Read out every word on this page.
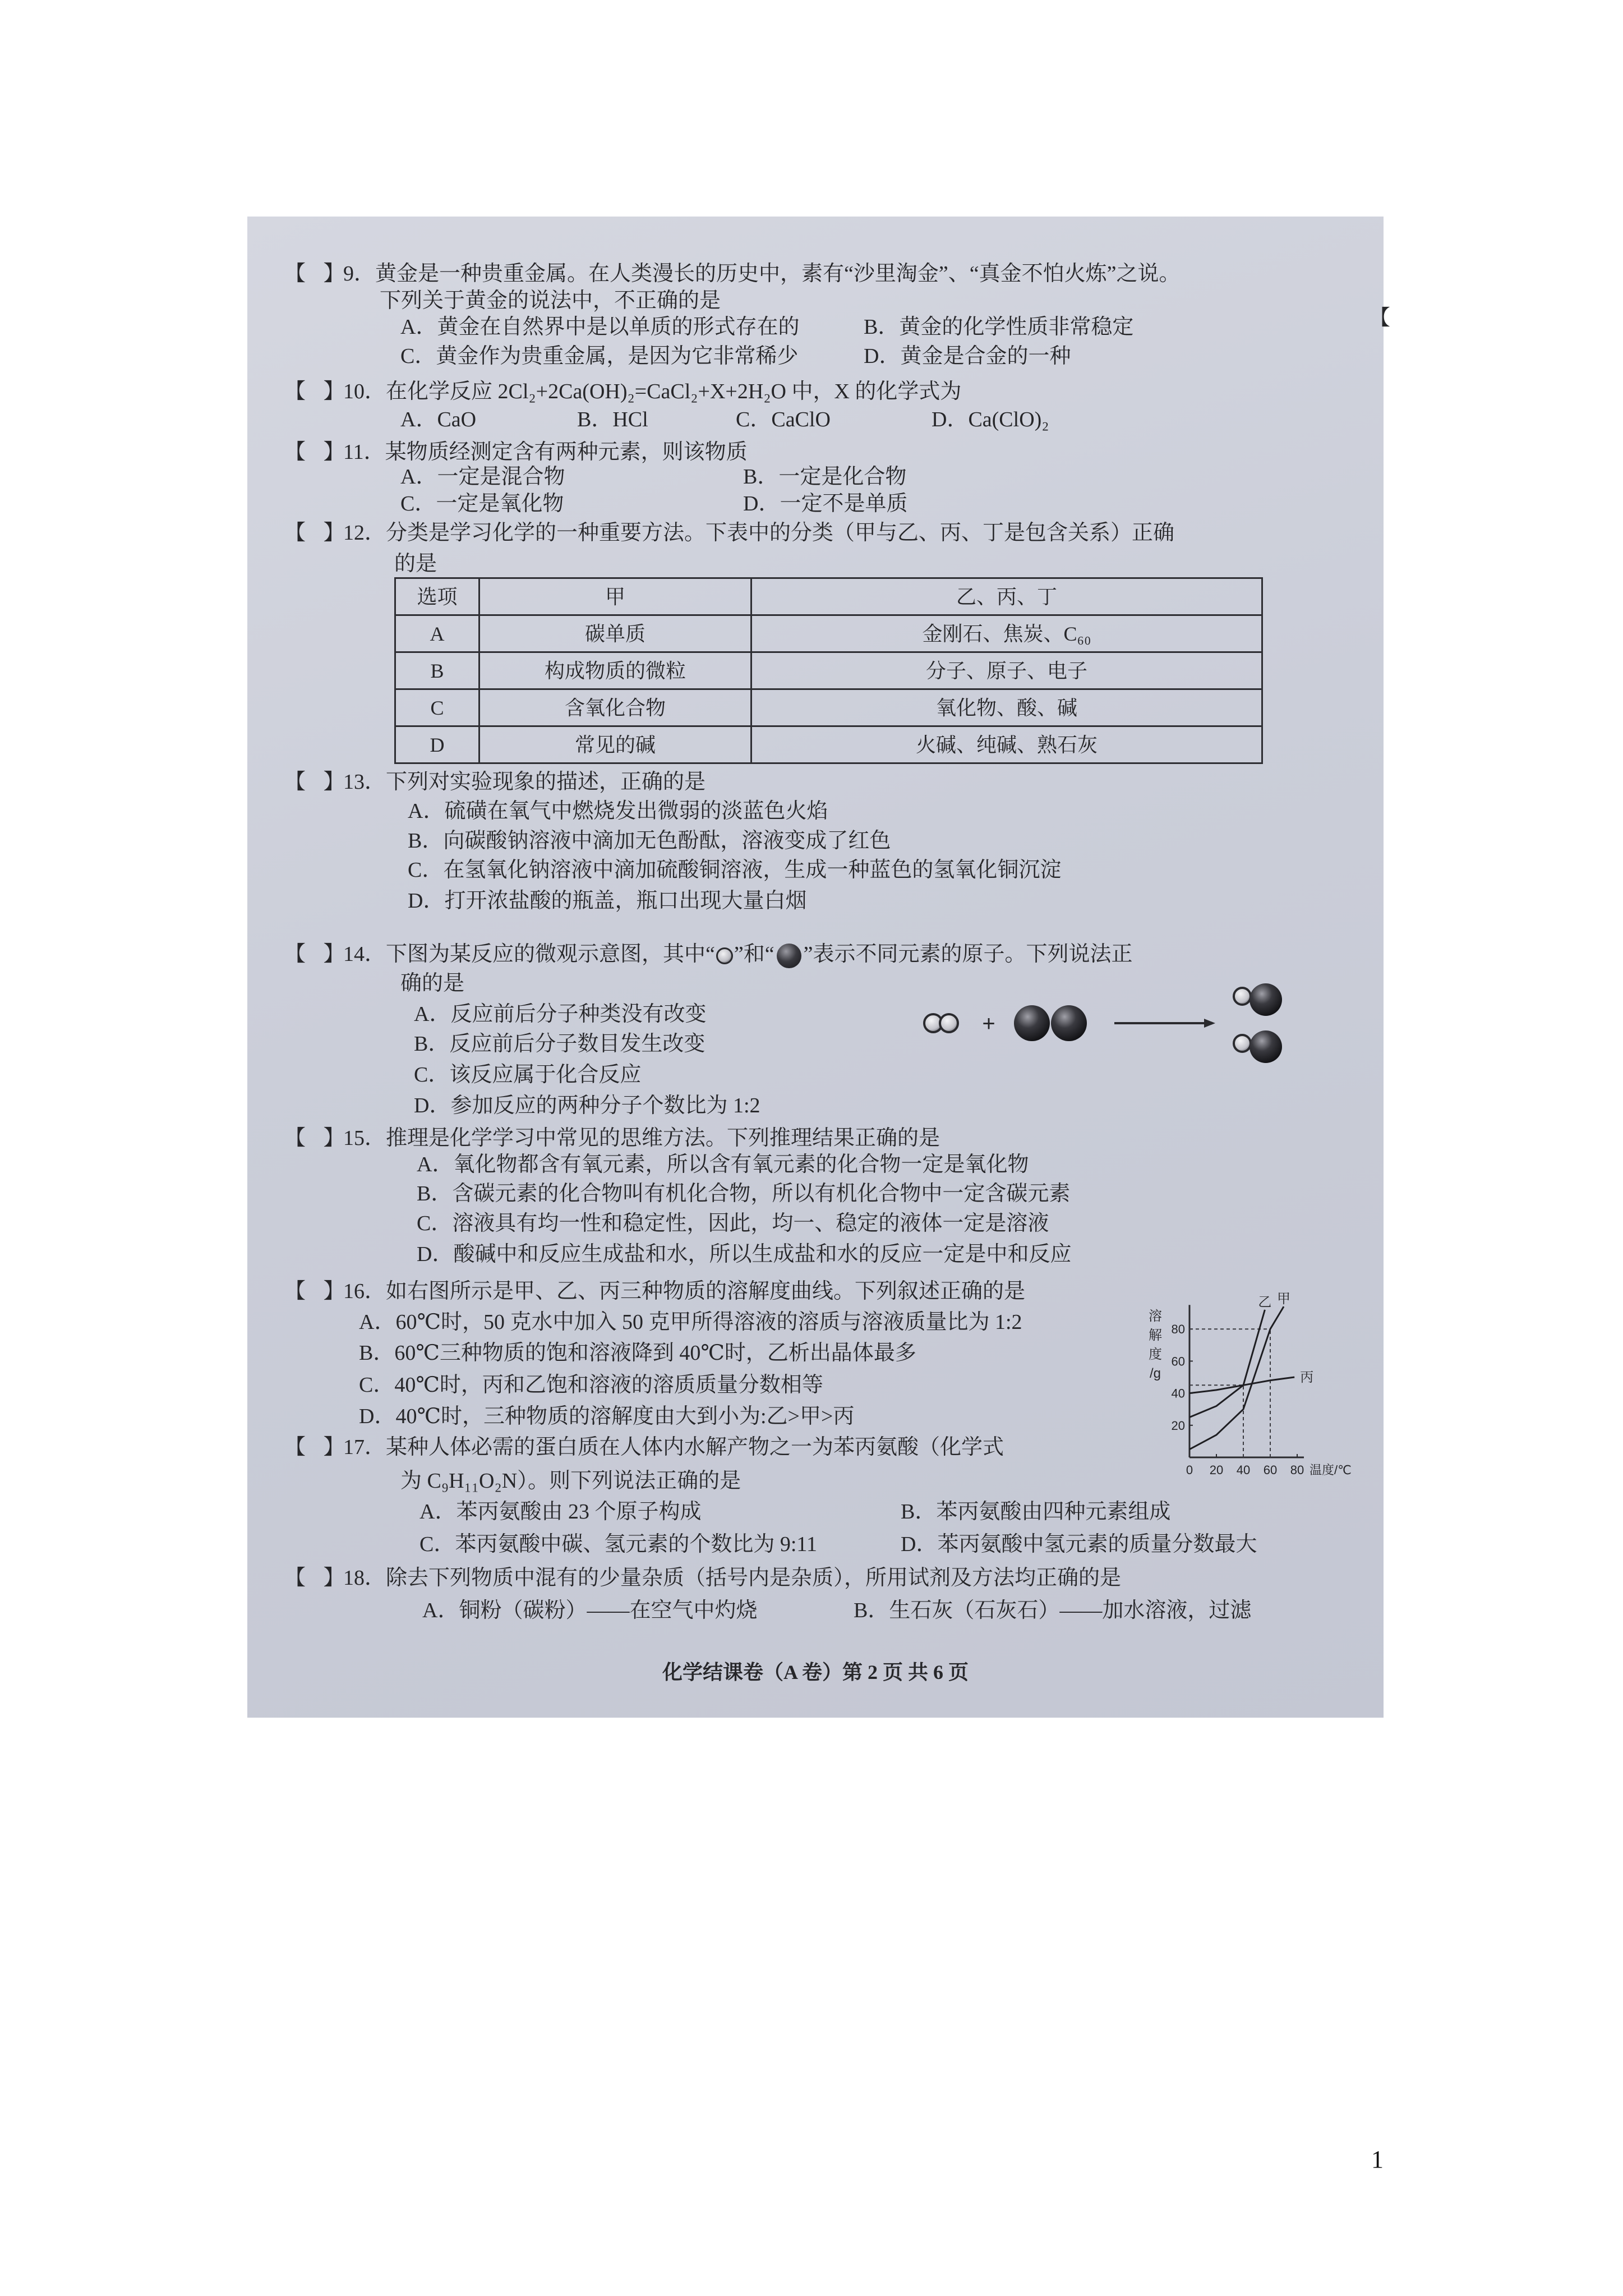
【 】
9．黄金是一种贵重金属。在人类漫长的历史中，素有“沙里淘金”、“真金不怕火炼”之说。
下列关于黄金的说法中，不正确的是
A．黄金在自然界中是以单质的形式存在的	B．黄金的化学性质非常稳定	【
C．黄金作为贵重金属，是因为它非常稀少	D．黄金是合金的一种
【 】
10．在化学反应 2Cl₂+2Ca(OH)₂=CaCl₂+X+2H₂O 中，X 的化学式为
A．CaO	B．HCl	C．CaClO	D．Ca(ClO)₂
【 】
11．某物质经测定含有两种元素，则该物质
A．一定是混合物	B．一定是化合物
C．一定是氧化物	D．一定不是单质
【 】
12．分类是学习化学的一种重要方法。下表中的分类（甲与乙、丙、丁是包含关系）正确
的是
选项	甲	乙、丙、丁
A	碳单质	金刚石、焦炭、C₆₀
B	构成物质的微粒	分子、原子、电子
C	含氧化合物	氧化物、酸、碱
D	常见的碱	火碱、纯碱、熟石灰
【 】
13．下列对实验现象的描述，正确的是
A．硫磺在氧气中燃烧发出微弱的淡蓝色火焰
B．向碳酸钠溶液中滴加无色酚酞，溶液变成了红色
C．在氢氧化钠溶液中滴加硫酸铜溶液，生成一种蓝色的氢氧化铜沉淀
D．打开浓盐酸的瓶盖，瓶口出现大量白烟
【 】
14．下图为某反应的微观示意图，其中“ ”和“ ”表示不同元素的原子。下列说法正
确的是
A．反应前后分子种类没有改变
B．反应前后分子数目发生改变
C．该反应属于化合反应
D．参加反应的两种分子个数比为 1:2
+
【 】
15．推理是化学学习中常见的思维方法。下列推理结果正确的是
A．氧化物都含有氧元素，所以含有氧元素的化合物一定是氧化物
B．含碳元素的化合物叫有机化合物，所以有机化合物中一定含碳元素
C．溶液具有均一性和稳定性，因此，均一、稳定的液体一定是溶液
D．酸碱中和反应生成盐和水，所以生成盐和水的反应一定是中和反应
【 】
16．如右图所示是甲、乙、丙三种物质的溶解度曲线。下列叙述正确的是
A．60℃时，50 克水中加入 50 克甲所得溶液的溶质与溶液质量比为 1:2
B．60℃三种物质的饱和溶液降到 40℃时，乙析出晶体最多
C．40℃时，丙和乙饱和溶液的溶质质量分数相等
D．40℃时，三种物质的溶解度由大到小为:乙>甲>丙	20
40
60
80
0 20 40 60 80
乙 甲
丙
温度/℃
溶
解
度
/g
【 】
17．某种人体必需的蛋白质在人体内水解产物之一为苯丙氨酸（化学式
为 C₉H₁₁O₂N）。则下列说法正确的是
A．苯丙氨酸由 23 个原子构成	B．苯丙氨酸由四种元素组成
C．苯丙氨酸中碳、氢元素的个数比为 9:11	D．苯丙氨酸中氢元素的质量分数最大
【 】
18．除去下列物质中混有的少量杂质（括号内是杂质），所用试剂及方法均正确的是
A．铜粉（碳粉）——在空气中灼烧	B．生石灰（石灰石）——加水溶液，过滤
化学结课卷（A 卷）第 2 页 共 6 页
1
